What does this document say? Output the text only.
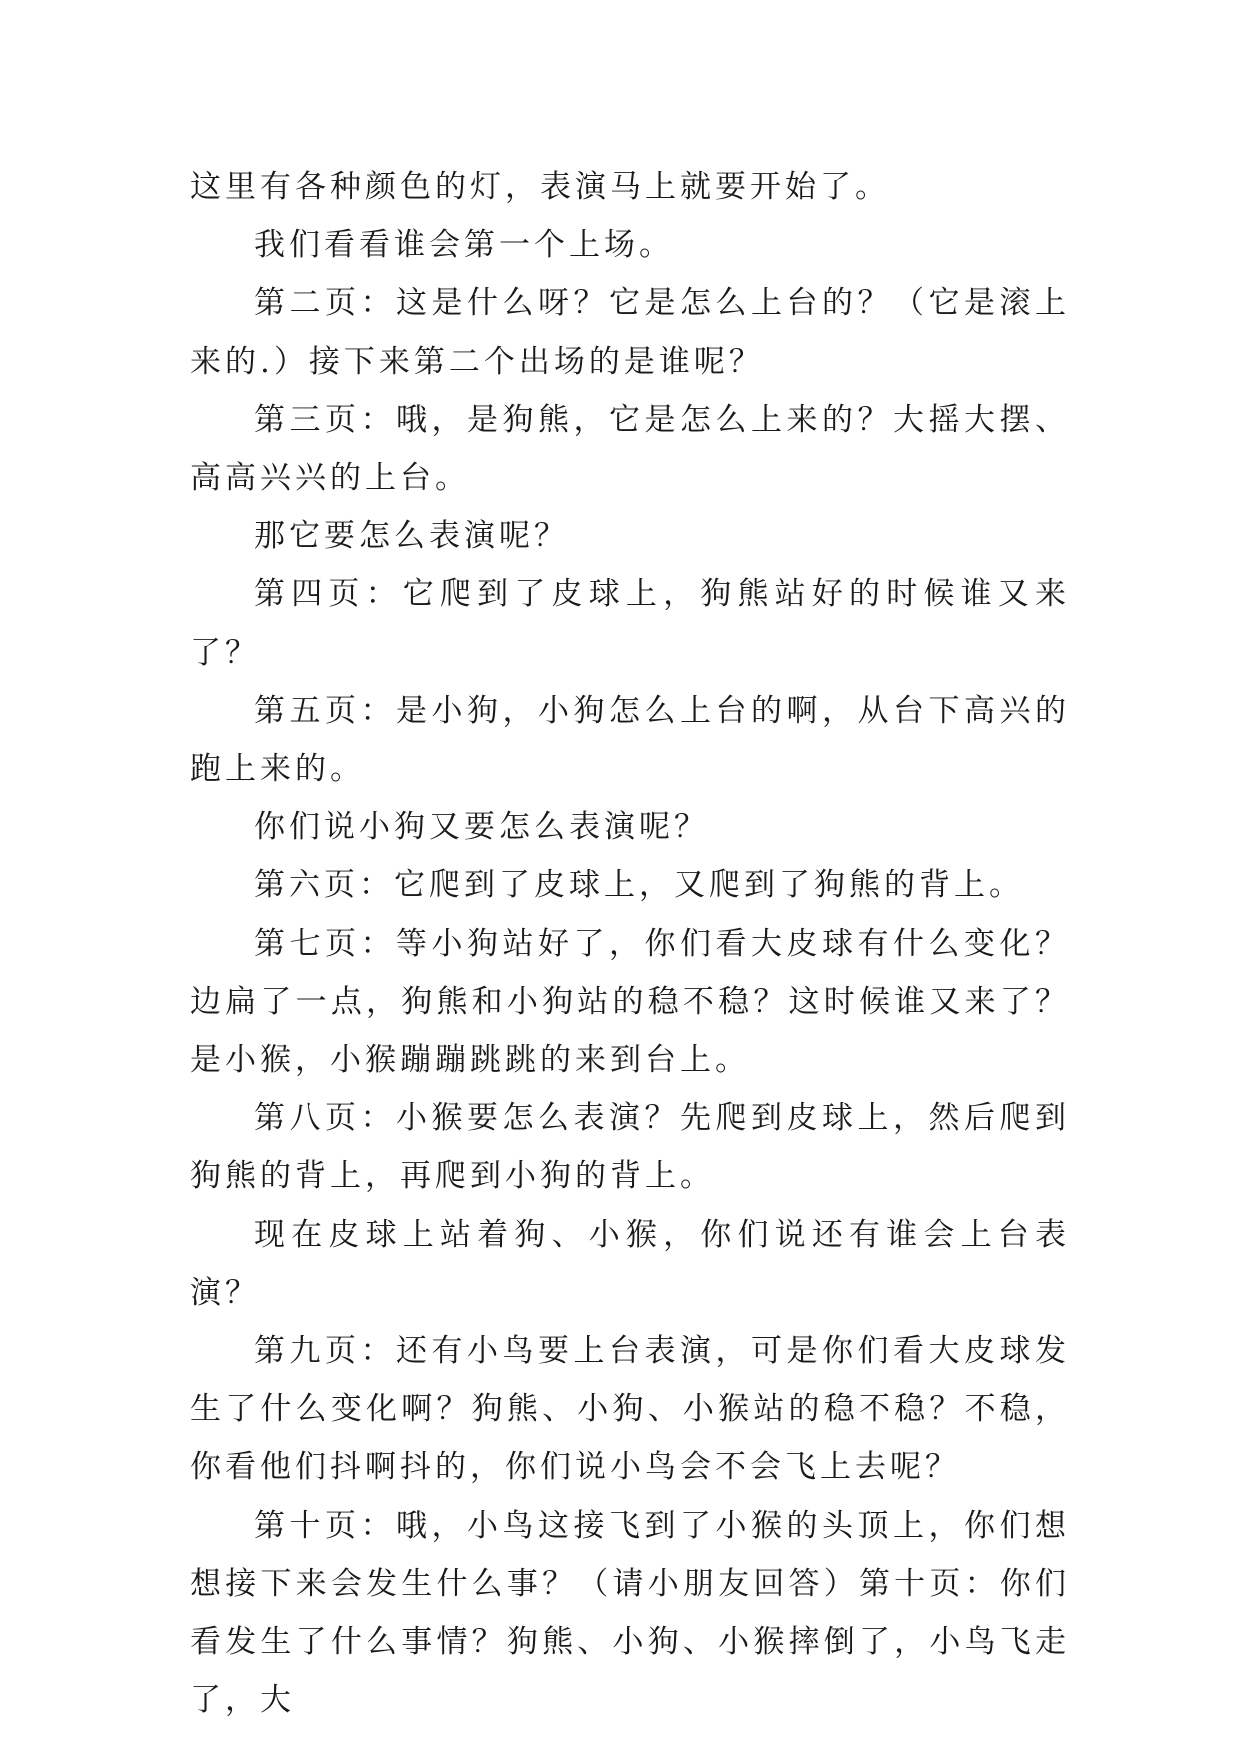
这里有各种颜色的灯，表演马上就要开始了。

我们看看谁会第一个上场。

第二页：这是什么呀？它是怎么上台的？（它是滚上来的.）接下来第二个出场的是谁呢？

第三页：哦，是狗熊，它是怎么上来的？大摇大摆、高高兴兴的上台。

那它要怎么表演呢？

第四页：它爬到了皮球上，狗熊站好的时候谁又来了？

第五页：是小狗，小狗怎么上台的啊，从台下高兴的跑上来的。

你们说小狗又要怎么表演呢？

第六页：它爬到了皮球上，又爬到了狗熊的背上。

第七页：等小狗站好了，你们看大皮球有什么变化？边扁了一点，狗熊和小狗站的稳不稳？这时候谁又来了？是小猴，小猴蹦蹦跳跳的来到台上。

第八页：小猴要怎么表演？先爬到皮球上，然后爬到狗熊的背上，再爬到小狗的背上。

现在皮球上站着狗、小猴，你们说还有谁会上台表演？

第九页：还有小鸟要上台表演，可是你们看大皮球发生了什么变化啊？狗熊、小狗、小猴站的稳不稳？不稳，你看他们抖啊抖的，你们说小鸟会不会飞上去呢？

第十页：哦，小鸟这接飞到了小猴的头顶上，你们想想接下来会发生什么事？（请小朋友回答）第十页：你们看发生了什么事情？狗熊、小狗、小猴摔倒了，小鸟飞走了，大
